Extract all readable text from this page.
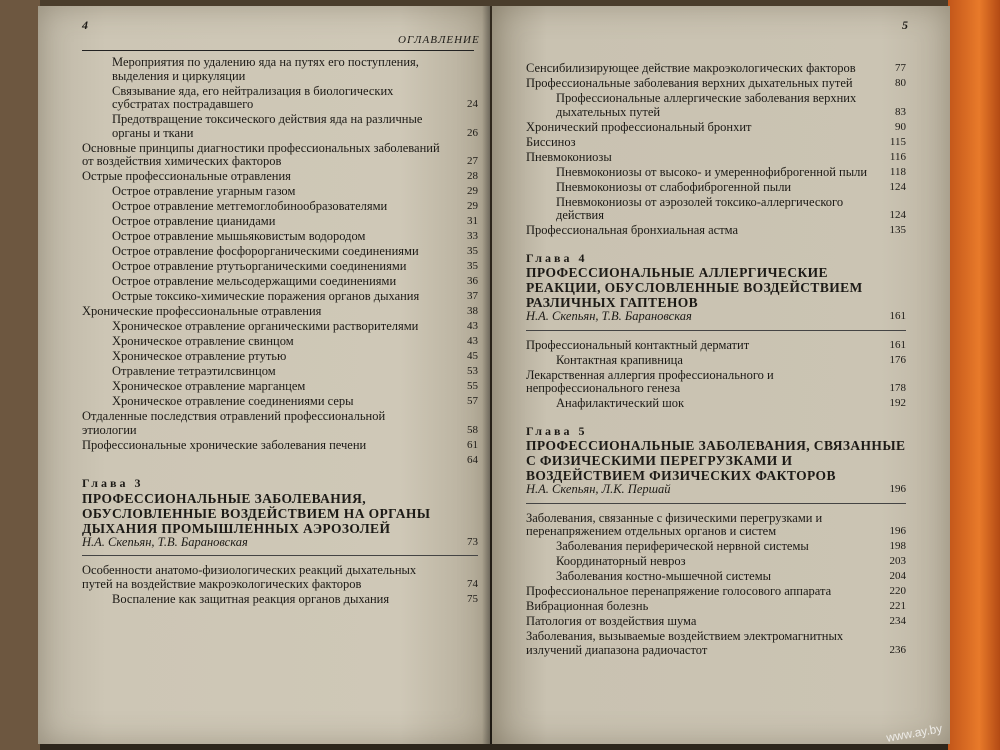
4
ОГЛАВЛЕНИЕ
Мероприятия по удалению яда на путях его поступления, выделения и циркуляции
Связывание яда, его нейтрализация в биологических субстратах пострадавшего	24
Предотвращение токсического действия яда на различные органы и ткани	26
Основные принципы диагностики профессиональных заболеваний от воздействия химических факторов	27
Острые профессиональные отравления	28
Острое отравление угарным газом	29
Острое отравление метгемоглобинообразователями	29
Острое отравление цианидами	31
Острое отравление мышьяковистым водородом	33
Острое отравление фосфорорганическими соединениями	35
Острое отравление ртутьорганическими соединениями	35
Острое отравление мельсодержащими соединениями	36
Острые токсико-химические поражения органов дыхания	37
Хронические профессиональные отравления	38
Хроническое отравление органическими растворителями	43
Хроническое отравление свинцом	43
Хроническое отравление ртутью	45
Отравление тетраэтилсвинцом	53
Хроническое отравление марганцем	55
Хроническое отравление соединениями серы	57
Отдаленные последствия отравлений профессиональной этиологии	58
Профессиональные хронические заболевания печени	61
64
Глава 3
ПРОФЕССИОНАЛЬНЫЕ ЗАБОЛЕВАНИЯ, ОБУСЛОВЛЕННЫЕ ВОЗДЕЙСТВИЕМ НА ОРГАНЫ ДЫХАНИЯ ПРОМЫШЛЕННЫХ АЭРОЗОЛЕЙ
Н.А. Скепьян, Т.В. Барановская	73
Особенности анатомо-физиологических реакций дыхательных путей на воздействие макроэкологических факторов	74
Воспаление как защитная реакция органов дыхания	75
5
Сенсибилизирующее действие макроэкологических факторов	77
Профессиональные заболевания верхних дыхательных путей	80
Профессиональные аллергические заболевания верхних дыхательных путей	83
Хронический профессиональный бронхит	90
Биссиноз	115
Пневмокониозы	116
Пневмокониозы от высоко- и умереннофиброгенной пыли	118
Пневмокониозы от слабофиброгенной пыли	124
Пневмокониозы от аэрозолей токсико-аллергического действия	124
Профессиональная бронхиальная астма	135
Глава 4
ПРОФЕССИОНАЛЬНЫЕ АЛЛЕРГИЧЕСКИЕ РЕАКЦИИ, ОБУСЛОВЛЕННЫЕ ВОЗДЕЙСТВИЕМ РАЗЛИЧНЫХ ГАПТЕНОВ
Н.А. Скепьян, Т.В. Барановская	161
Профессиональный контактный дерматит	161
Контактная крапивница	176
Лекарственная аллергия профессионального и непрофессионального генеза	178
Анафилактический шок	192
Глава 5
ПРОФЕССИОНАЛЬНЫЕ ЗАБОЛЕВАНИЯ, СВЯЗАННЫЕ С ФИЗИЧЕСКИМИ ПЕРЕГРУЗКАМИ И ВОЗДЕЙСТВИЕМ ФИЗИЧЕСКИХ ФАКТОРОВ
Н.А. Скепьян, Л.К. Першай	196
Заболевания, связанные с физическими перегрузками и перенапряжением отдельных органов и систем	196
Заболевания периферической нервной системы	198
Координаторный невроз	203
Заболевания костно-мышечной системы	204
Профессиональное перенапряжение голосового аппарата	220
Вибрационная болезнь	221
Патология от воздействия шума	234
Заболевания, вызываемые воздействием электромагнитных излучений диапазона радиочастот	236
www.ay.by
